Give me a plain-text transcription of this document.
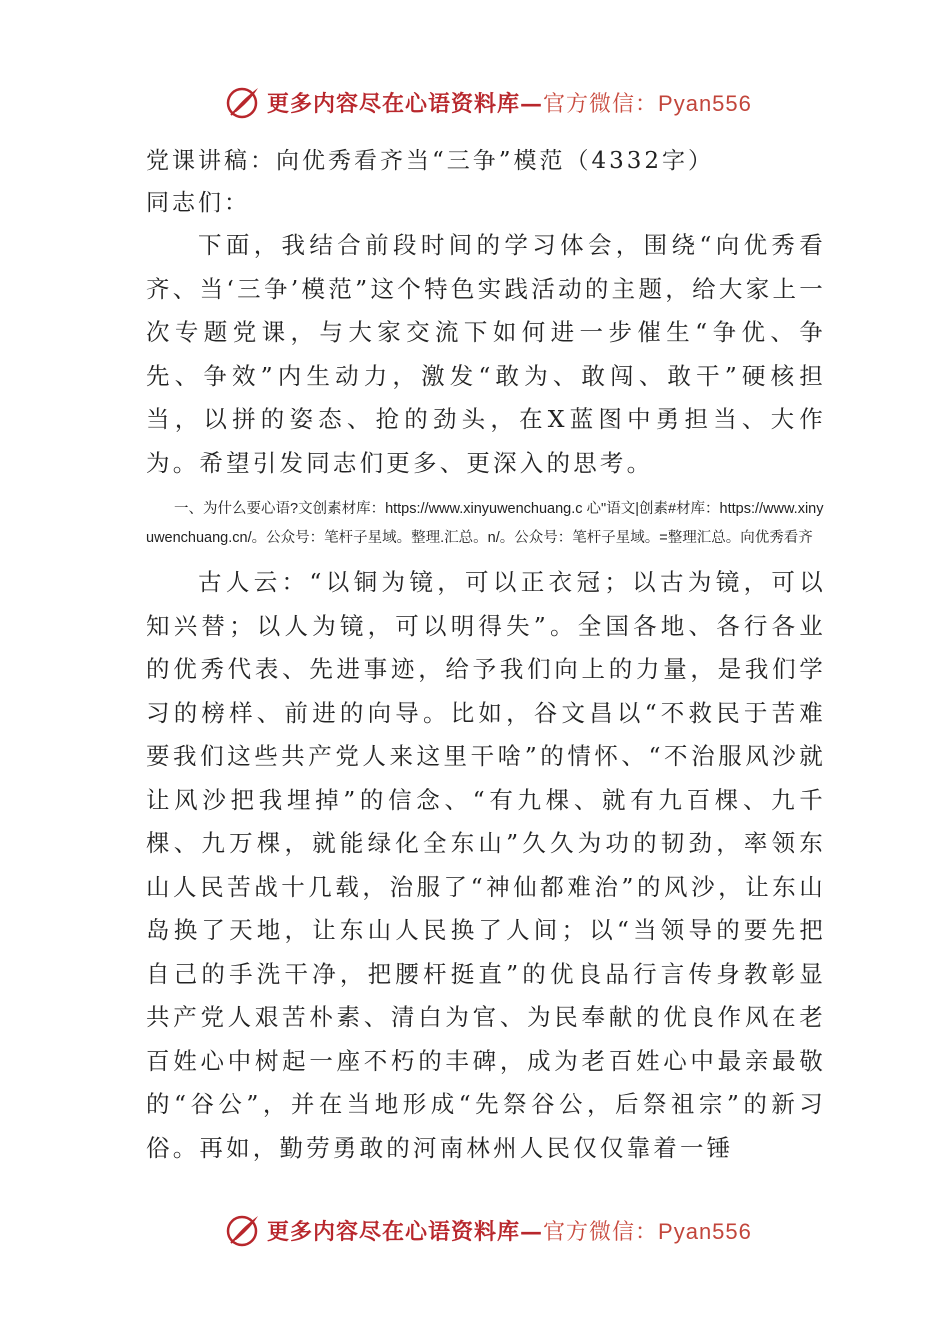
更多内容尽在心语资料库—官方微信：Pyan556
党课讲稿：向优秀看齐当“三争”模范（4332字）
同志们：

下面，我结合前段时间的学习体会，围绕“向优秀看齐、当‘三争’模范”这个特色实践活动的主题，给大家上一次专题党课，与大家交流下如何进一步催生“争优、争先、争效”内生动力，激发“敢为、敢闯、敢干”硬核担当，以拼的姿态、抢的劲头，在X蓝图中勇担当、大作为。希望引发同志们更多、更深入的思考。

一、为什么要心语?文创素材库：https://www.xinyuwenchuang.c 心"语文|创素#材库：https://www.xinyuwenchuang.cn/。公众号：笔杆子星域。整理.汇总。n/。公众号：笔杆子星域。=整理汇总。向优秀看齐

古人云：“以铜为镜，可以正衣冠；以古为镜，可以知兴替；以人为镜，可以明得失”。全国各地、各行各业的优秀代表、先进事迹，给予我们向上的力量，是我们学习的榜样、前进的向导。比如，谷文昌以“不救民于苦难要我们这些共产党人来这里干啥”的情怀、“不治服风沙就让风沙把我埋掉”的信念、“有九棵、就有九百棵、九千棵、九万棵，就能绿化全东山”久久为功的韧劲，率领东山人民苦战十几载，治服了“神仙都难治”的风沙，让东山岛换了天地，让东山人民换了人间；以“当领导的要先把自己的手洗干净，把腰杆挺直”的优良品行言传身教彰显共产党人艰苦朴素、清白为官、为民奉献的优良作风在老百姓心中树起一座不朽的丰碑，成为老百姓心中最亲最敬的“谷公”，并在当地形成“先祭谷公，后祭祖宗”的新习俗。再如，勤劳勇敢的河南林州人民仅仅靠着一锤

更多内容尽在心语资料库—官方微信：Pyan556
